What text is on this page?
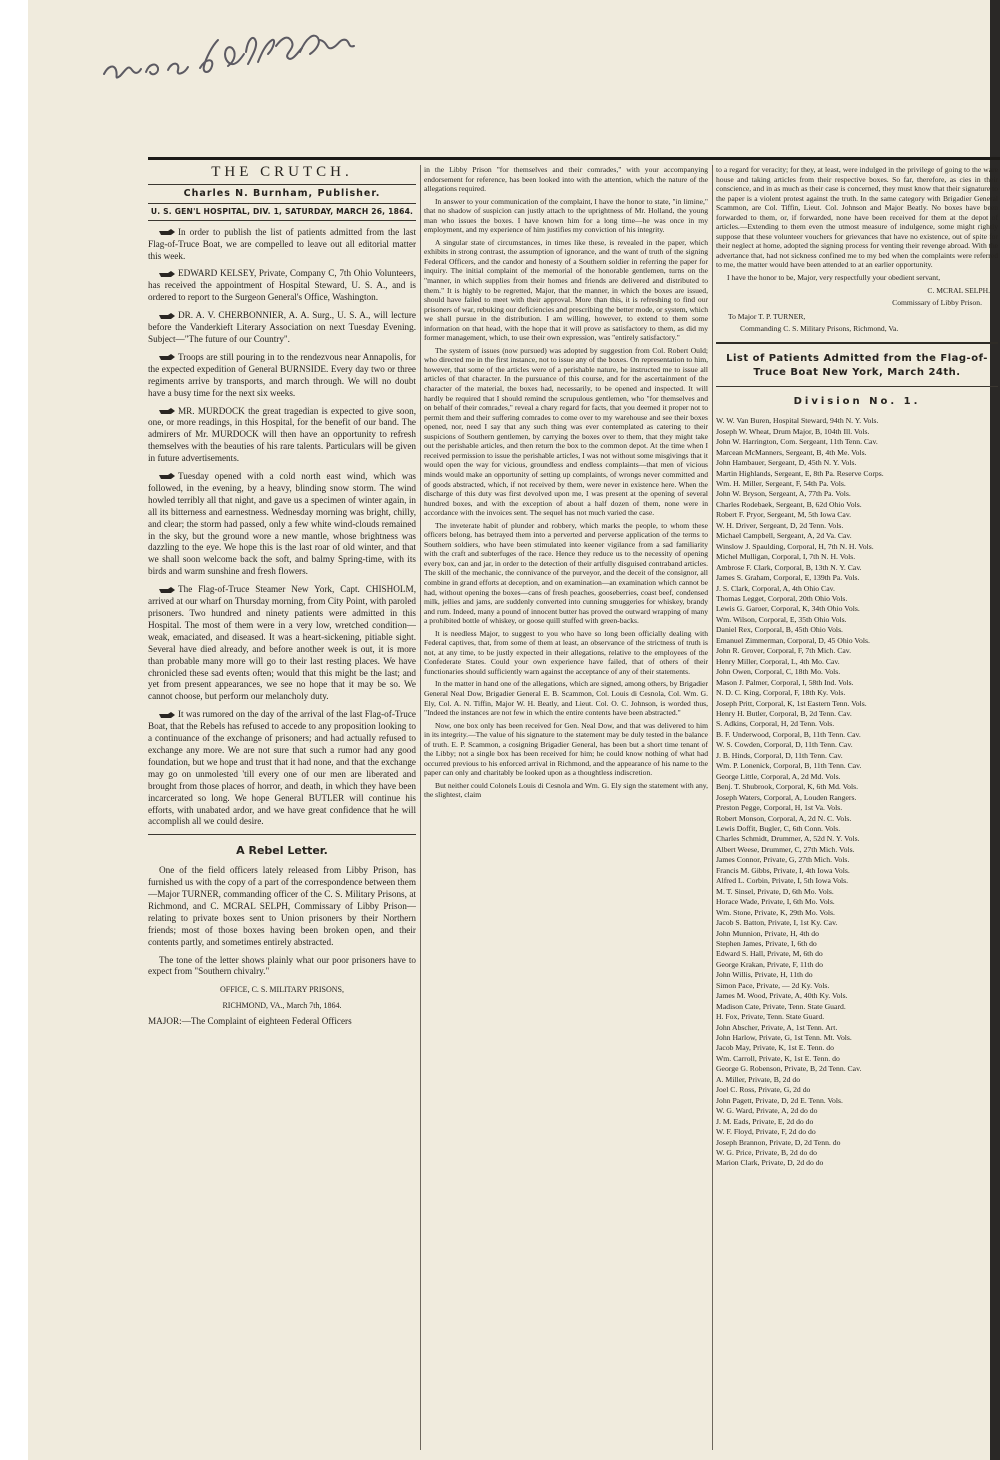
THE CRUTCH.
Charles N. Burnham, Publisher.
U. S. GEN'L HOSPITAL, DIV. 1, SATURDAY, MARCH 26, 1864.

In order to publish the list of patients admitted from the last Flag-of-Truce Boat, we are compelled to leave out all editorial matter this week.

EDWARD KELSEY, Private, Company C, 7th Ohio Volunteers, has received the appointment of Hospital Steward, U. S. A., and is ordered to report to the Surgeon General's Office, Washington.

DR. A. V. CHERBONNIER, A. A. Surg., U. S. A., will lecture before the Vanderkieft Literary Association on next Tuesday Evening. Subject—"The future of our Country".

Troops are still pouring in to the rendezvous near Annapolis, for the expected expedition of General BURNSIDE. Every day two or three regiments arrive by transports, and march through. We will no doubt have a busy time for the next six weeks.

MR. MURDOCK the great tragedian is expected to give soon, one, or more readings, in this Hospital, for the benefit of our band. The admirers of Mr. MURDOCK will then have an opportunity to refresh themselves with the beauties of his rare talents. Particulars will be given in future advertisements.

Tuesday opened with a cold north east wind, which was followed, in the evening, by a heavy, blinding snow storm. The wind howled terribly all that night, and gave us a specimen of winter again, in all its bitterness and earnestness. Wednesday morning was bright, chilly, and clear; the storm had passed, only a few white wind-clouds remained in the sky, but the ground wore a new mantle, whose brightness was dazzling to the eye. We hope this is the last roar of old winter, and that we shall soon welcome back the soft, and balmy Spring-time, with its birds and warm sunshine and fresh flowers.

The Flag-of-Truce Steamer New York, Capt. CHISHOLM, arrived at our wharf on Thursday morning, from City Point, with paroled prisoners. Two hundred and ninety patients were admitted in this Hospital. The most of them were in a very low, wretched condition—weak, emaciated, and diseased. It was a heart-sickening, pitiable sight. Several have died already, and before another week is out, it is more than probable many more will go to their last resting places. We have chronicled these sad events often; would that this might be the last; and yet from present appearances, we see no hope that it may be so. We cannot choose, but perform our melancholy duty.

It was rumored on the day of the arrival of the last Flag-of-Truce Boat, that the Rebels has refused to accede to any proposition looking to a continuance of the exchange of prisoners; and had actually refused to exchange any more. We are not sure that such a rumor had any good foundation, but we hope and trust that it had none, and that the exchange may go on unmolested 'till every one of our men are liberated and brought from those places of horror, and death, in which they have been incarcerated so long. We hope General BUTLER will continue his efforts, with unabated ardor, and we have great confidence that he will accomplish all we could desire.

A Rebel Letter.

One of the field officers lately released from Libby Prison, has furnished us with the copy of a part of the correspondence between them—Major TURNER, commanding officer of the C. S. Military Prisons, at Richmond, and C. MCRAL SELPH, Commissary of Libby Prison—relating to private boxes sent to Union prisoners by their Northern friends; most of those boxes having been broken open, and their contents partly, and sometimes entirely abstracted.

The tone of the letter shows plainly what our poor prisoners have to expect from "Southern chivalry."

OFFICE, C. S. MILITARY PRISONS,
RICHMOND, VA., March 7th, 1864.

MAJOR:—The Complaint of eighteen Federal Officers

in the Libby Prison "for themselves and their comrades," with your accompanying endorsement for reference, has been looked into with the attention, which the nature of the allegations required.

In answer to your communication of the complaint, I have the honor to state, "in limine," that no shadow of suspicion can justly attach to the uprightness of Mr. Holland, the young man who issues the boxes. I have known him for a long time—he was once in my employment, and my experience of him justifies my conviction of his integrity.

A singular state of circumstances, in times like these, is revealed in the paper, which exhibits in strong contrast, the assumption of ignorance, and the want of truth of the signing Federal Officers, and the candor and honesty of a Southern soldier in referring the paper for inquiry. The initial complaint of the memorial of the honorable gentlemen, turns on the "manner, in which supplies from their homes and friends are delivered and distributed to them." It is highly to be regretted, Major, that the manner, in which the boxes are issued, should have failed to meet with their approval. More than this, it is refreshing to find our prisoners of war, rebuking our deficiencies and prescribing the better mode, or system, which we shall pursue in the distribution. I am willing, however, to extend to them some information on that head, with the hope that it will prove as satisfactory to them, as did my former management, which, to use their own expression, was "entirely satisfactory."

The system of issues (now pursued) was adopted by suggestion from Col. Robert Ould; who directed me in the first instance, not to issue any of the boxes. On representation to him, however, that some of the articles were of a perishable nature, he instructed me to issue all articles of that character. In the pursuance of this course, and for the ascertainment of the character of the material, the boxes had, necessarily, to be opened and inspected. It will hardly be required that I should remind the scrupulous gentlemen, who "for themselves and on behalf of their comrades," reveal a chary regard for facts, that you deemed it proper not to permit them and their suffering comrades to come over to my warehouse and see their boxes opened, nor, need I say that any such thing was ever contemplated as catering to their suspicions of Southern gentlemen, by carrying the boxes over to them, that they might take out the perishable articles, and then return the box to the common depot. At the time when I received permission to issue the perishable articles, I was not without some misgivings that it would open the way for vicious, groundless and endless complaints—that men of vicious minds would make an opportunity of setting up complaints, of wrongs never committed and of goods abstracted, which, if not received by them, were never in existence here. When the discharge of this duty was first devolved upon me, I was present at the opening of several hundred boxes, and with the exception of about a half dozen of them, none were in accordance with the invoices sent. The sequel has not much varied the case.

The inveterate habit of plunder and robbery, which marks the people, to whom these officers belong, has betrayed them into a perverted and perverse application of the terms to Southern soldiers, who have been stimulated into keener vigilance from a sad familiarity with the craft and subterfuges of the race. Hence they reduce us to the necessity of opening every box, can and jar, in order to the detection of their artfully disguised contraband articles. The skill of the mechanic, the connivance of the purveyor, and the deceit of the consignor, all combine in grand efforts at deception, and on examination—an examination which cannot be had, without opening the boxes—cans of fresh peaches, gooseberries, coast beef, condensed milk, jellies and jams, are suddenly converted into cunning smuggeries for whiskey, brandy and rum. Indeed, many a pound of innocent butter has proved the outward wrapping of many a prohibited bottle of whiskey, or goose quill stuffed with green-backs.

It is needless Major, to suggest to you who have so long been officially dealing with Federal captives, that, from some of them at least, an observance of the strictness of truth is not, at any time, to be justly expected in their allegations, relative to the employees of the Confederate States. Could your own experience have failed, that of others of their functionaries should sufficiently warn against the acceptance of any of their statements.

In the matter in hand one of the allegations, which are signed, among others, by Brigadier General Neal Dow, Brigadier General E. B. Scammon, Col. Louis di Cesnola, Col. Wm. G. Ely, Col. A. N. Tiffin, Major W. H. Beatly, and Lieut. Col. O. C. Johnson, is worded thus, "Indeed the instances are not few in which the entire contents have been abstracted."

Now, one box only has been received for Gen. Neal Dow, and that was delivered to him in its integrity.—The value of his signature to the statement may be duly tested in the balance of truth. E. P. Scammon, a cosigning Brigadier General, has been but a short time tenant of the Libby; not a single box has been received for him; he could know nothing of what had occurred previous to his enforced arrival in Richmond, and the appearance of his name to the paper can only and charitably be looked upon as a thoughtless indiscretion.

But neither could Colonels Louis di Cesnola and Wm. G. Ely sign the statement with any, the slightest, claim

to a regard for veracity; for they, at least, were indulged in the privilege of going to the ware house and taking articles from their respective boxes. So far, therefore, as cies in their conscience, and in as much as their case is concerned, they must know that their signature to the paper is a violent protest against the truth. In the same category with Brigadier General Scammon, are Col. Tiffin, Lieut. Col. Johnson and Major Beatly. No boxes have been forwarded to them, or, if forwarded, none have been received for them at the depot of articles.—Extending to them even the utmost measure of indulgence, some might rightly suppose that these volunteer vouchers for grievances that have no existence, out of spite for their neglect at home, adopted the signing process for venting their revenge abroad. With the advertance that, had not sickness confined me to my bed when the complaints were referred to me, the matter would have been attended to at an earlier opportunity.

I have the honor to be, Major, very respectfully your obedient servant,

C. MCRAL SELPH.

Commissary of Libby Prison.

To Major T. P. TURNER,

Commanding C. S. Military Prisons, Richmond, Va.

List of Patients Admitted from the Flag-of-Truce Boat New York, March 24th.
Division No. 1.
W. W. Van Buren, Hospital Steward, 94th N. Y. Vols.
Joseph W. Wheat, Drum Major, B, 104th Ill. Vols.
John W. Harrington, Com. Sergeant, 11th Tenn. Cav.
Marcean McManners, Sergeant, B, 4th Me. Vols.
John Hambauer, Sergeant, D, 45th N. Y. Vols.
Martin Highlands, Sergeant, E, 8th Pa. Reserve Corps.
Wm. H. Miller, Sergeant, F, 54th Pa. Vols.
John W. Bryson, Sergeant, A, 77th Pa. Vols.
Charles Rodebaek, Sergeant, B, 62d Ohio Vols.
Robert F. Pryor, Sergeant, M, 5th Iowa Cav.
W. H. Driver, Sergeant, D, 2d Tenn. Vols.
Michael Campbell, Sergeant, A, 2d Va. Cav.
Winslow J. Spaulding, Corporal, H, 7th N. H. Vols.
Michel Mulligan, Corporal, I, 7th N. H. Vols.
Ambrose F. Clark, Corporal, B, 13th N. Y. Cav.
James S. Graham, Corporal, E, 139th Pa. Vols.
J. S. Clark, Corporal, A, 4th Ohio Cav.
Thomas Legget, Corporal, 20th Ohio Vols.
Lewis G. Garoer, Corporal, K, 34th Ohio Vols.
Wm. Wilson, Corporal, E, 35th Ohio Vols.
Daniel Rex, Corporal, B, 45th Ohio Vols.
Emanuel Zimmerman, Corporal, D, 45 Ohio Vols.
John R. Grover, Corporal, F, 7th Mich. Cav.
Henry Miller, Corporal, L, 4th Mo. Cav.
John Owen, Corporal, C, 18th Mo. Vols.
Mason J. Palmer, Corporal, I, 58th Ind. Vols.
N. D. C. King, Corporal, F, 18th Ky. Vols.
Joseph Pritt, Corporal, K, 1st Eastern Tenn. Vols.
Henry H. Butler, Corporal, B, 2d Tenn. Cav.
S. Adkins, Corporal, H, 2d Tenn. Vols.
B. F. Underwood, Corporal, B, 11th Tenn. Cav.
W. S. Cowden, Corporal, D, 11th Tenn. Cav.
J. B. Hinds, Corporal, D, 11th Tenn. Cav.
Wm. P. Lonenick, Corporal, B, 11th Tenn. Cav.
George Little, Corporal, A, 2d Md. Vols.
Benj. T. Shubrook, Corporal, K, 6th Md. Vols.
Joseph Waters, Corporal, A, Louden Rangers.
Preston Pegge, Corporal, H, 1st Va. Vols.
Robert Monson, Corporal, A, 2d N. C. Vols.
Lewis Doffit, Bugler, C, 6th Conn. Vols.
Charles Schmidt, Drummer, A, 52d N. Y. Vols.
Albert Weese, Drummer, C, 27th Mich. Vols.
James Connor, Private, G, 27th Mich. Vols.
Francis M. Gibbs, Private, I, 4th Iowa Vols.
Alfred L. Corbin, Private, I, 5th Iowa Vols.
M. T. Sinsel, Private, D, 6th Mo. Vols.
Horace Wade, Private, I, 6th Mo. Vols.
Wm. Stone, Private, K, 29th Mo. Vols.
Jacob S. Batton, Private, I, 1st Ky. Cav.
John Munnion, Private, H, 4th do
Stephen James, Private, I, 6th do
Edward S. Hall, Private, M, 6th do
George Krakan, Private, F, 11th do
John Willis, Private, H, 11th do
Simon Pace, Private, — 2d Ky. Vols.
James M. Wood, Private, A, 40th Ky. Vols.
Madison Cate, Private, Tenn. State Guard.
H. Fox, Private, Tenn. State Guard.
John Abscher, Private, A, 1st Tenn. Art.
John Harlow, Private, G, 1st Tenn. Mt. Vols.
Jacob May, Private, K, 1st E. Tenn. do
Wm. Carroll, Private, K, 1st E. Tenn. do
George G. Robenson, Private, B, 2d Tenn. Cav.
A. Miller, Private, B, 2d do
Joel C. Ross, Private, G, 2d do
John Pagett, Private, D, 2d E. Tenn. Vols.
W. G. Ward, Private, A, 2d do do
J. M. Eads, Private, E, 2d do do
W. F. Floyd, Private, F, 2d do do
Joseph Brannon, Private, D, 2d Tenn. do
W. G. Price, Private, B, 2d do do
Marion Clark, Private, D, 2d do do
